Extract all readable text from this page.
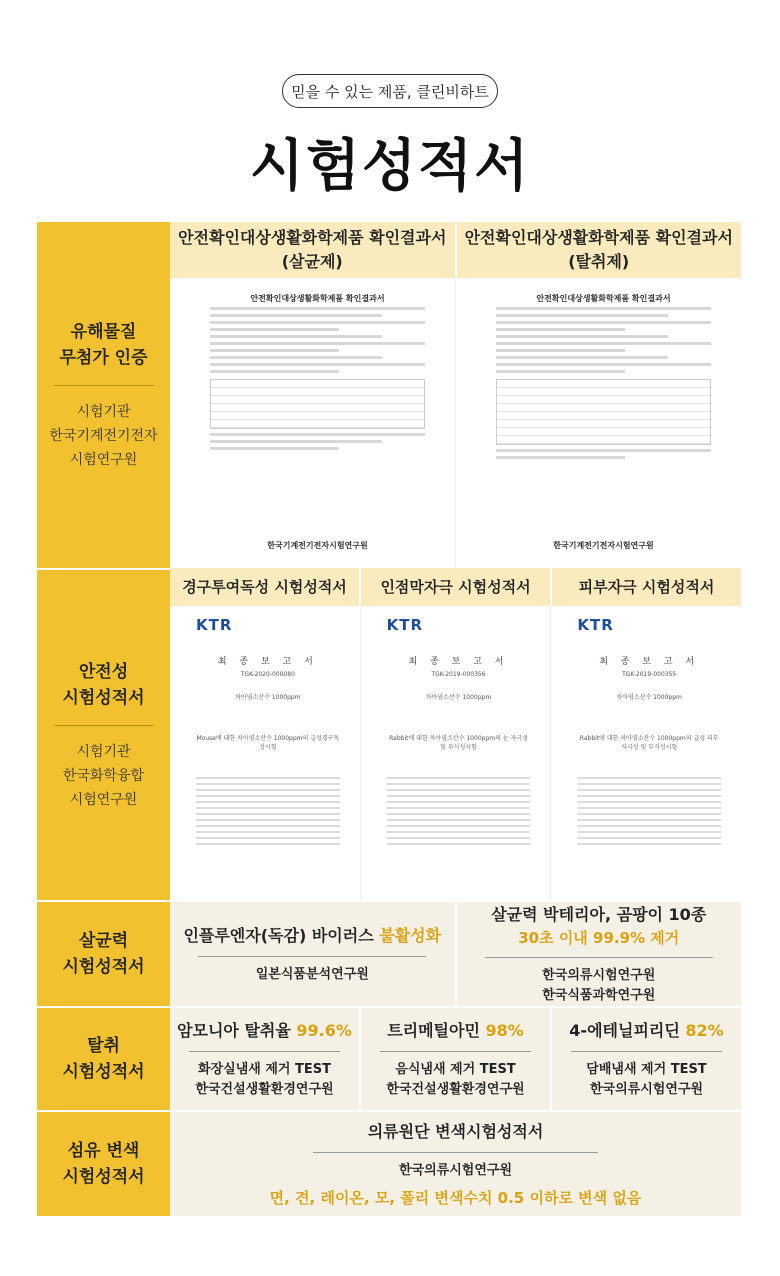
믿을 수 있는 제품, 클린비하트
시험성적서
유해물질
무첨가 인증
시험기관
한국기계전기전자
시험연구원
안전확인대상생활화학제품 확인결과서
(살균제)
안전확인대상생활화학제품 확인결과서
(탈취제)
안전확인대상생활화학제품 확인결과서
한국기계전기전자시험연구원
안전확인대상생활화학제품 확인결과서
한국기계전기전자시험연구원
안전성
시험성적서
시험기관
한국화학융합
시험연구원
경구투여독성 시험성적서	인점막자극 시험성적서	피부자극 시험성적서
KTR
최 종 보 고 서
TGK-2020-000080
차아염소산수 1000ppm
Mouse에 대한 차아염소산수 1000ppm의 급성경구독성시험
KTR
최 종 보 고 서
TGK-2019-000356
차아염소산수 1000ppm
Rabbit에 대한 차아염소산수 1000ppm의 눈 자극성 및 부식성시험
KTR
최 종 보 고 서
TGK-2019-000355
차아염소산수 1000ppm
Rabbit에 대한 차아염소산수 1000ppm의 급성 피부 자극성 및 부식성시험
살균력
시험성적서
인플루엔자(독감) 바이러스 불활성화
일본식품분석연구원
살균력 박테리아, 곰팡이 10종
30초 이내 99.9% 제거
한국의류시험연구원
한국식품과학연구원
탈취
시험성적서
암모니아 탈취율 99.6%
화장실냄새 제거 TEST
한국건설생활환경연구원
트리메틸아민 98%
음식냄새 제거 TEST
한국건설생활환경연구원
4-에테닐피리딘 82%
담배냄새 제거 TEST
한국의류시험연구원
섬유 변색
시험성적서
의류원단 변색시험성적서
한국의류시험연구원
면, 견, 레이온, 모, 폴리 변색수치 0.5 이하로 변색 없음
